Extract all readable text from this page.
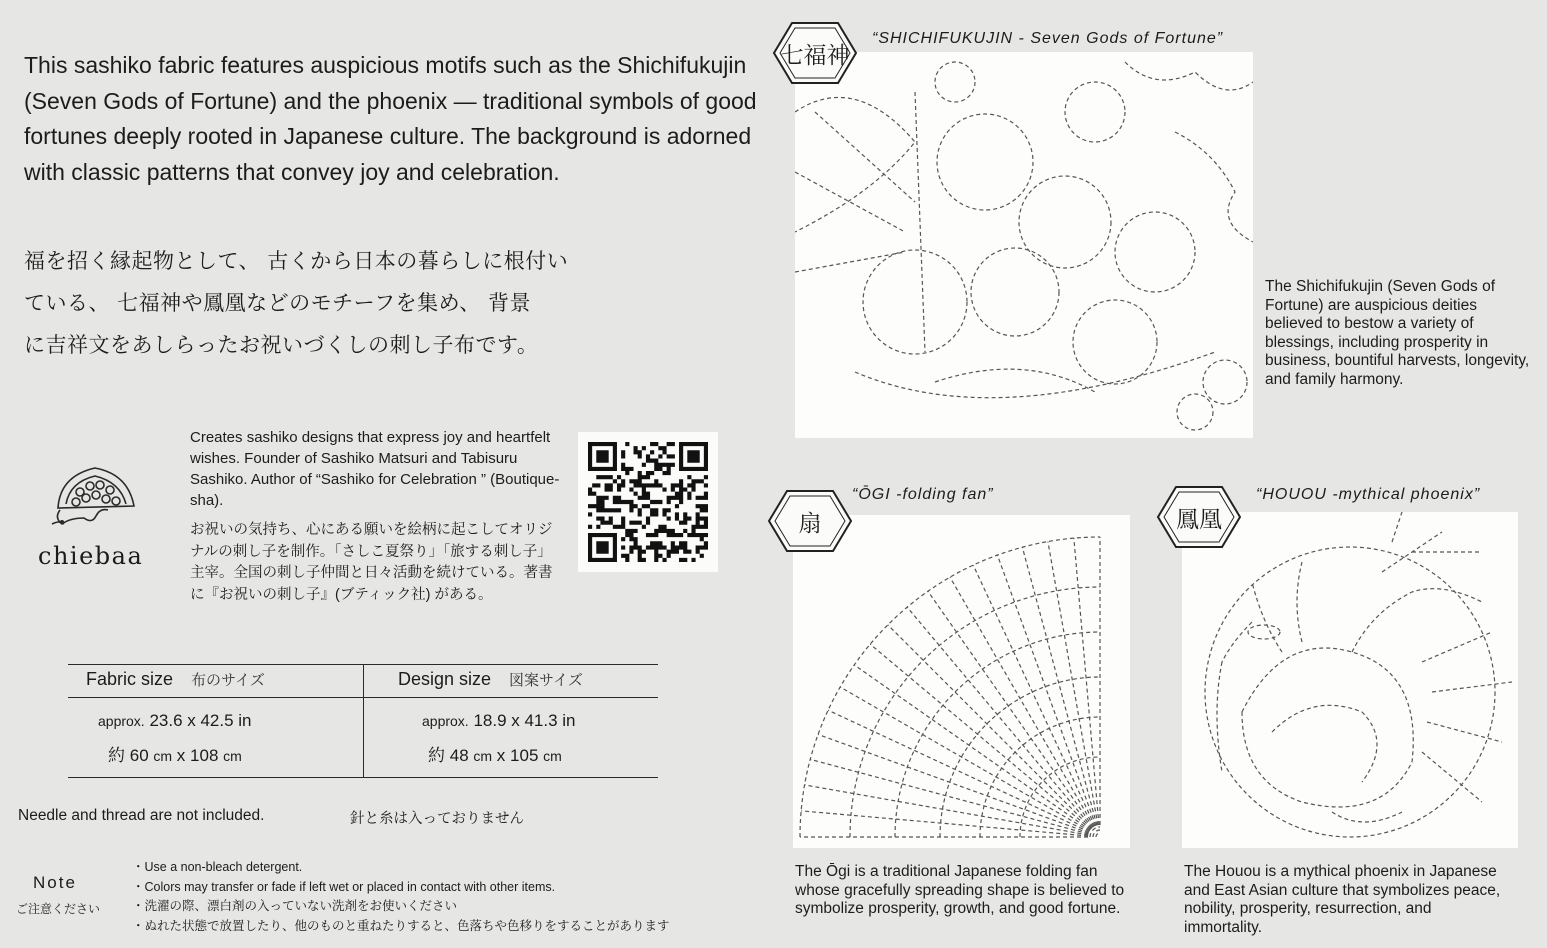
This sashiko fabric features auspicious motifs such as the Shichifukujin (Seven Gods of Fortune) and the phoenix — traditional symbols of good fortunes deeply rooted in Japanese culture. The background is adorned with classic patterns that convey joy and celebration.
福を招く縁起物として、 古くから日本の暮らしに根付い
ている、 七福神や鳳凰などのモチーフを集め、 背景
に吉祥文をあしらったお祝いづくしの刺し子布です。
chiebaa
Creates sashiko designs that express joy and heartfelt wishes. Founder of Sashiko Matsuri and Tabisuru Sashiko. Author of “Sashiko for Celebration ” (Boutique-sha).
お祝いの気持ち、心にある願いを絵柄に起こしてオリジナルの刺し子を制作。「さしこ夏祭り」「旅する刺し子」主宰。全国の刺し子仲間と日々活動を続けている。著書に『お祝いの刺し子』(ブティック社) がある。
Fabric size 布のサイズ	Design size 図案サイズ
approx. 23.6 x 42.5 in
約 60 cm x 108 cm
approx. 18.9 x 41.3 in
約 48 cm x 105 cm
Needle and thread are not included.	針と糸は入っておりません
Note
ご注意ください
・ Use a non-bleach detergent.
・ Colors may transfer or fade if left wet or placed in contact with other items.
・ 洗濯の際、漂白剤の入っていない洗剤をお使いください
・ ぬれた状態で放置したり、他のものと重ねたりすると、色落ちや色移りをすることがあります
七福神
“SHICHIFUKUJIN - Seven Gods of Fortune”
The Shichifukujin (Seven Gods of Fortune) are auspicious deities believed to bestow a variety of blessings, including prosperity in business, bountiful harvests, longevity, and family harmony.
扇
“ŌGI -folding fan”
The Ōgi is a traditional Japanese folding fan whose gracefully spreading shape is believed to symbolize prosperity, growth, and good fortune.
鳳凰
“HOUOU -mythical phoenix”
The Houou is a mythical phoenix in Japanese and East Asian culture that symbolizes peace, nobility, prosperity, resurrection, and immortality.
